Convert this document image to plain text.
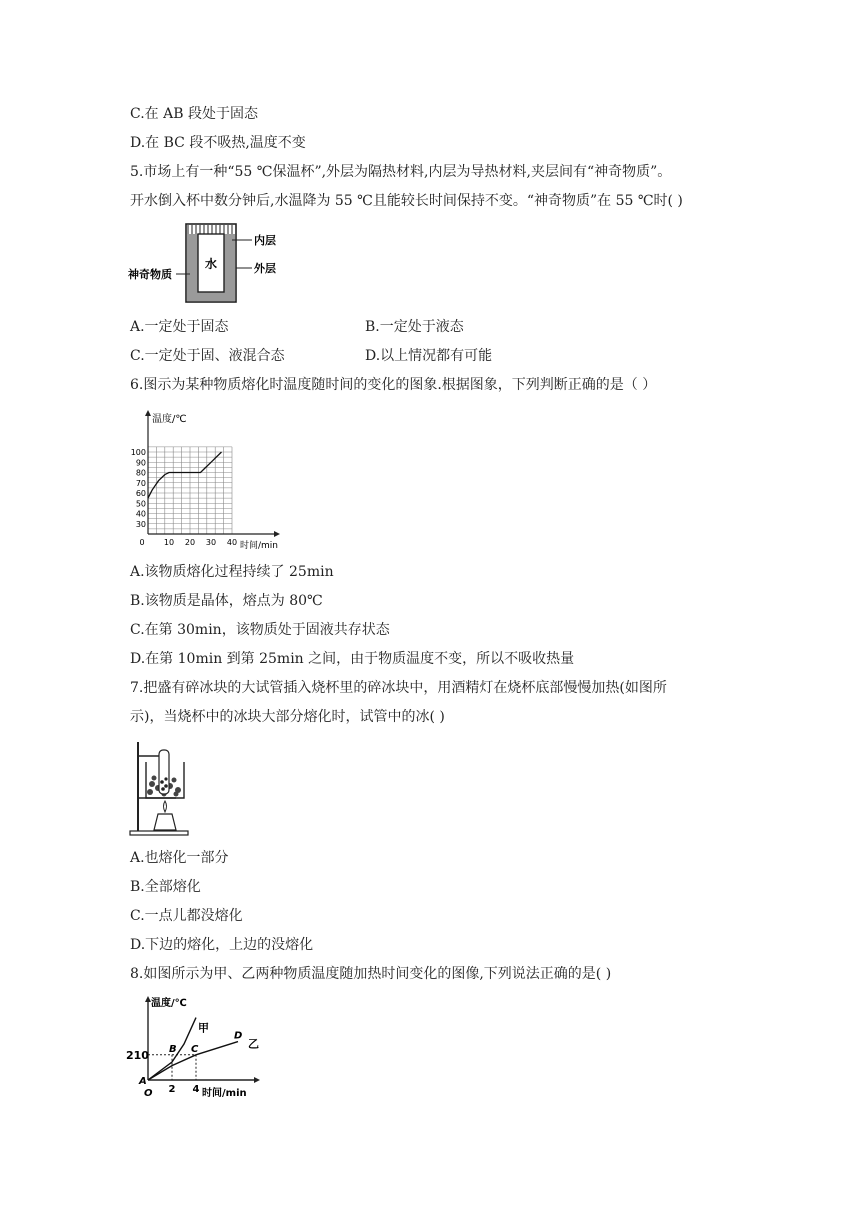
C.在 AB 段处于固态
D.在 BC 段不吸热,温度不变
5.市场上有一种“55 ℃保温杯”,外层为隔热材料,内层为导热材料,夹层间有“神奇物质”。
开水倒入杯中数分钟后,水温降为 55 ℃且能较长时间保持不变。“神奇物质”在 55 ℃时( )
水
内层
外层
神奇物质
A.一定处于固态	B.一定处于液态
C.一定处于固、液混合态	D.以上情况都有可能
6.图示为某种物质熔化时温度随时间的变化的图象.根据图象，下列判断正确的是（ ）
温度/℃
时间/min
30
40
50
60
70
80
90
100
0 10 20 30 40
A.该物质熔化过程持续了 25min
B.该物质是晶体，熔点为 80℃
C.在第 30min，该物质处于固液共存状态
D.在第 10min 到第 25min 之间，由于物质温度不变，所以不吸收热量
7.把盛有碎冰块的大试管插入烧杯里的碎冰块中，用酒精灯在烧杯底部慢慢加热(如图所
示)，当烧杯中的冰块大部分熔化时，试管中的冰( )
A.也熔化一部分
B.全部熔化
C.一点儿都没熔化
D.下边的熔化，上边的没熔化
8.如图所示为甲、乙两种物质温度随加热时间变化的图像,下列说法正确的是( )
温度/℃
时间/min
O 2 4
210
甲
乙
A
B C
D
